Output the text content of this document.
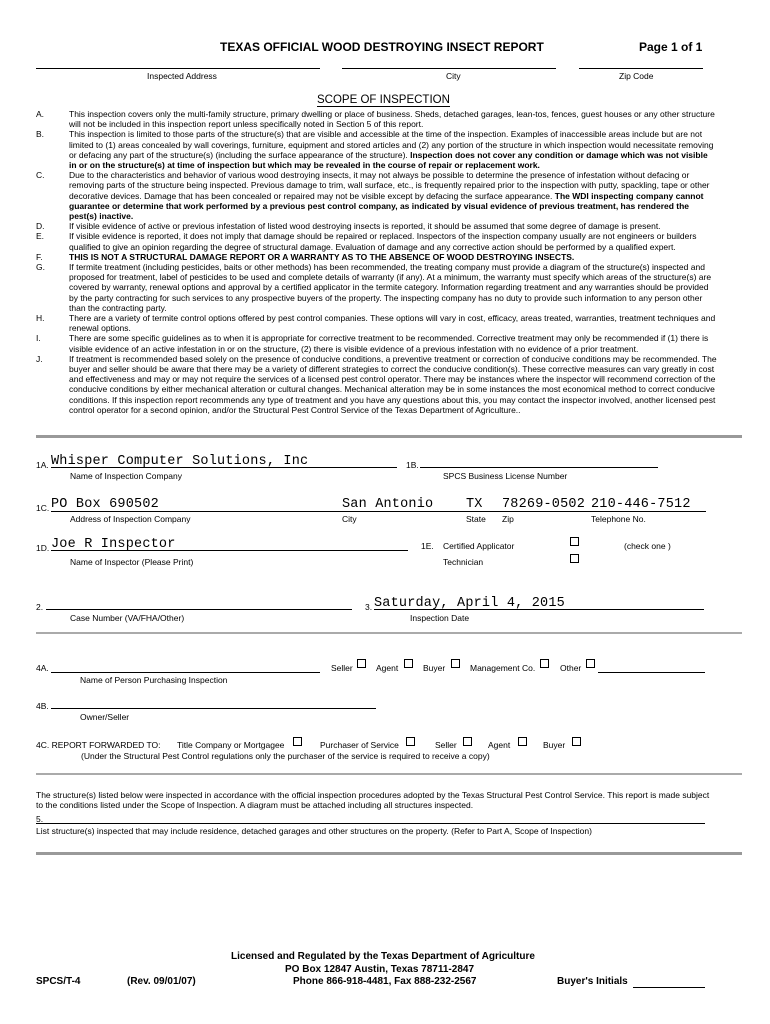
TEXAS OFFICIAL WOOD DESTROYING INSECT REPORT	Page 1 of 1
Inspected Address	City	Zip Code
SCOPE OF INSPECTION
A.	This inspection covers only the multi-family structure, primary dwelling or place of business. Sheds, detached garages, lean-tos, fences, guest houses or any other structure
will not be included in this inspection report unless specifically noted in Section 5 of this report.
B.	This inspection is limited to those parts of the structure(s) that are visible and accessible at the time of the inspection. Examples of inaccessible areas include but are not
limited to (1) areas concealed by wall coverings, furniture, equipment and stored articles and (2) any portion of the structure in which inspection would necessitate removing
or defacing any part of the structure(s) (including the surface appearance of the structure). Inspection does not cover any condition or damage which was not visible
in or on the structure(s) at time of inspection but which may be revealed in the course of repair or replacement work.
C.	Due to the characteristics and behavior of various wood destroying insects, it may not always be possible to determine the presence of infestation without defacing or
removing parts of the structure being inspected. Previous damage to trim, wall surface, etc., is frequently repaired prior to the inspection with putty, spackling, tape or other
decorative devices. Damage that has been concealed or repaired may not be visible except by defacing the surface appearance. The WDI inspecting company cannot
guarantee or determine that work performed by a previous pest control company, as indicated by visual evidence of previous treatment, has rendered the
pest(s) inactive.
D.	If visible evidence of active or previous infestation of listed wood destroying insects is reported, it should be assumed that some degree of damage is present.
E.	If visible evidence is reported, it does not imply that damage should be repaired or replaced. Inspectors of the inspection company usually are not engineers or builders
qualified to give an opinion regarding the degree of structural damage. Evaluation of damage and any corrective action should be performed by a qualified expert.
F.	THIS IS NOT A STRUCTURAL DAMAGE REPORT OR A WARRANTY AS TO THE ABSENCE OF WOOD DESTROYING INSECTS.
G.	If termite treatment (including pesticides, baits or other methods) has been recommended, the treating company must provide a diagram of the structure(s) inspected and
proposed for treatment, label of pesticides to be used and complete details of warranty (if any). At a minimum, the warranty must specify which areas of the structure(s) are
covered by warranty, renewal options and approval by a certified applicator in the termite category. Information regarding treatment and any warranties should be provided
by the party contracting for such services to any prospective buyers of the property. The inspecting company has no duty to provide such information to any person other
than the contracting party.
H.	There are a variety of termite control options offered by pest control companies. These options will vary in cost, efficacy, areas treated, warranties, treatment techniques and
renewal options.
I.	There are some specific guidelines as to when it is appropriate for corrective treatment to be recommended. Corrective treatment may only be recommended if (1) there is
visible evidence of an active infestation in or on the structure, (2) there is visible evidence of a previous infestation with no evidence of a prior treatment.
J.	If treatment is recommended based solely on the presence of conducive conditions, a preventive treatment or correction of conducive conditions may be recommended. The
buyer and seller should be aware that there may be a variety of different strategies to correct the conducive condition(s). These corrective measures can vary greatly in cost
and effectiveness and may or may not require the services of a licensed pest control operator. There may be instances where the inspector will recommend correction of the
conducive conditions by either mechanical alteration or cultural changes. Mechanical alteration may be in some instances the most economical method to correct conducive
conditions. If this inspection report recommends any type of treatment and you have any questions about this, you may contact the inspector involved, another licensed pest
control operator for a second opinion, and/or the Structural Pest Control Service of the Texas Department of Agriculture..
1A. Whisper Computer Solutions, Inc
Name of Inspection Company
1B.
SPCS Business License Number
1C. PO Box 690502	San Antonio TX 78269-0502 210-446-7512
Address of Inspection Company	City	State Zip	Telephone No.
1D. Joe R Inspector
Name of Inspector (Please Print)
1E. Certified Applicator	(check one )
Technician
2.
Case Number (VA/FHA/Other)
3. Saturday, April 4, 2015
Inspection Date
4A.
Name of Person Purchasing Inspection
Seller	Agent	Buyer	Management Co.	Other
4B.
Owner/Seller
4C. REPORT FORWARDED TO: Title Company or Mortgagee	Purchaser of Service	Seller	Agent	Buyer
(Under the Structural Pest Control regulations only the purchaser of the service is required to receive a copy)
The structure(s) listed below were inspected in accordance with the official inspection procedures adopted by the Texas Structural Pest Control Service. This report is made subject
to the conditions listed under the Scope of Inspection. A diagram must be attached including all structures inspected.
5.
List structure(s) inspected that may include residence, detached garages and other structures on the property. (Refer to Part A, Scope of Inspection)
Licensed and Regulated by the Texas Department of Agriculture
PO Box 12847 Austin, Texas 78711-2847
SPCS/T-4	(Rev. 09/01/07)	Phone 866-918-4481, Fax 888-232-2567	Buyer's Initials
